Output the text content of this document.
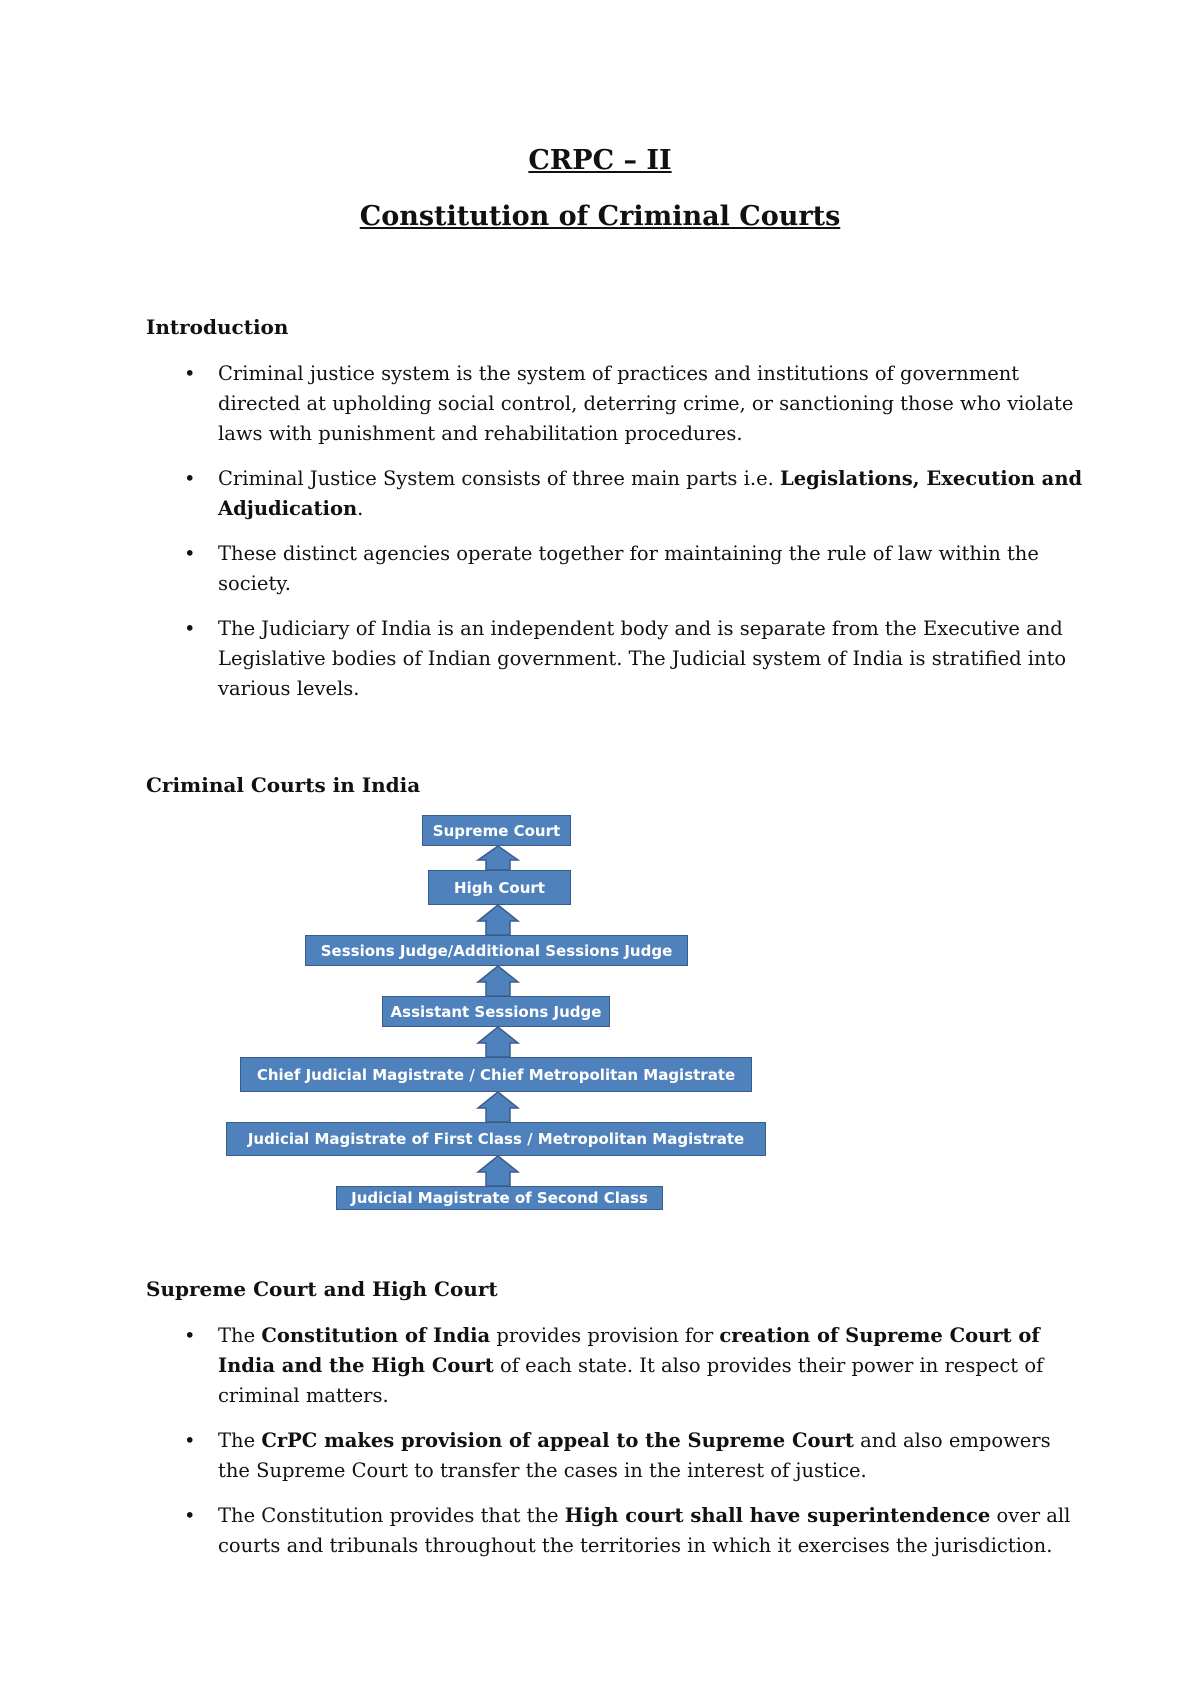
CRPC – II
Constitution of Criminal Courts
Introduction
• Criminal justice system is the system of practices and institutions of government directed at upholding social control, deterring crime, or sanctioning those who violate laws with punishment and rehabilitation procedures.
• Criminal Justice System consists of three main parts i.e. Legislations, Execution and Adjudication.
• These distinct agencies operate together for maintaining the rule of law within the society.
• The Judiciary of India is an independent body and is separate from the Executive and Legislative bodies of Indian government. The Judicial system of India is stratified into various levels.
Criminal Courts in India
Supreme Court
High Court
Sessions Judge/Additional Sessions Judge
Assistant Sessions Judge
Chief Judicial Magistrate / Chief Metropolitan Magistrate
Judicial Magistrate of First Class / Metropolitan Magistrate
Judicial Magistrate of Second Class
Supreme Court and High Court
• The Constitution of India provides provision for creation of Supreme Court of India and the High Court of each state. It also provides their power in respect of criminal matters.
• The CrPC makes provision of appeal to the Supreme Court and also empowers the Supreme Court to transfer the cases in the interest of justice.
• The Constitution provides that the High court shall have superintendence over all courts and tribunals throughout the territories in which it exercises the jurisdiction.
